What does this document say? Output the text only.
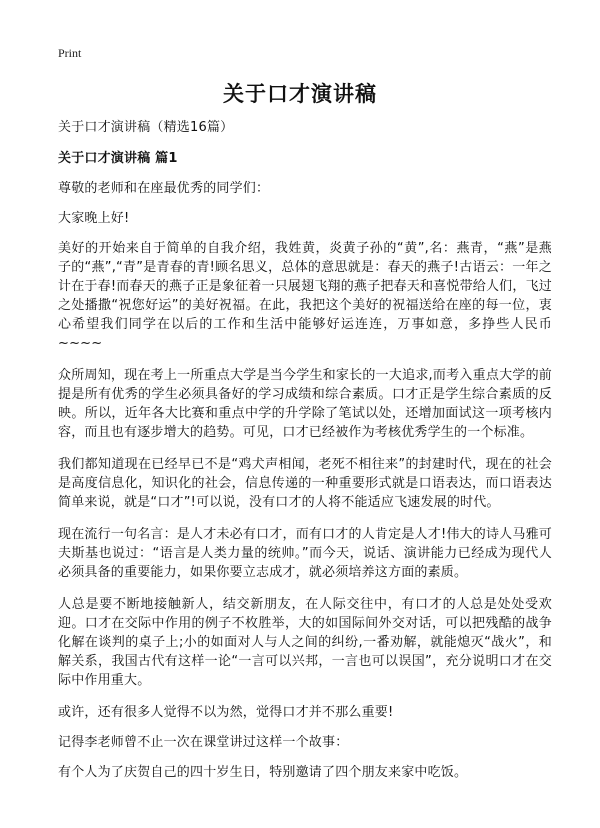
Print
关于口才演讲稿

关于口才演讲稿（精选16篇）

关于口才演讲稿 篇1

尊敬的老师和在座最优秀的同学们：

大家晚上好!

美好的开始来自于简单的自我介绍，我姓黄，炎黄子孙的“黄”,名：燕青，“燕”是燕子的“燕”,“青”是青春的青!顾名思义，总体的意思就是：春天的燕子!古语云：一年之计在于春!而春天的燕子正是象征着一只展翅飞翔的燕子把春天和喜悦带给人们，飞过之处播撒“祝您好运”的美好祝福。在此，我把这个美好的祝福送给在座的每一位，衷心希望我们同学在以后的工作和生活中能够好运连连，万事如意，多挣些人民币~~~~

众所周知，现在考上一所重点大学是当今学生和家长的一大追求,而考入重点大学的前提是所有优秀的学生必须具备好的学习成绩和综合素质。口才正是学生综合素质的反映。所以，近年各大比赛和重点中学的升学除了笔试以处，还增加面试这一项考核内容，而且也有逐步增大的趋势。可见，口才已经被作为考核优秀学生的一个标准。

我们都知道现在已经早已不是“鸡犬声相闻，老死不相往来”的封建时代，现在的社会是高度信息化，知识化的社会，信息传递的一种重要形式就是口语表达，而口语表达简单来说，就是“口才”!可以说，没有口才的人将不能适应飞速发展的时代。

现在流行一句名言：是人才未必有口才，而有口才的人肯定是人才!伟大的诗人马雅可夫斯基也说过：“语言是人类力量的统帅。”而今天，说话、演讲能力已经成为现代人必须具备的重要能力，如果你要立志成才，就必须培养这方面的素质。

人总是要不断地接触新人，结交新朋友，在人际交往中，有口才的人总是处处受欢迎。口才在交际中作用的例子不枚胜举，大的如国际间外交对话，可以把残酷的战争化解在谈判的桌子上;小的如面对人与人之间的纠纷,一番劝解，就能熄灭“战火”，和解关系，我国古代有这样一论“一言可以兴邦，一言也可以误国”，充分说明口才在交际中作用重大。

或许，还有很多人觉得不以为然，觉得口才并不那么重要!

记得李老师曾不止一次在课堂讲过这样一个故事：

有个人为了庆贺自己的四十岁生日，特别邀请了四个朋友来家中吃饭。
